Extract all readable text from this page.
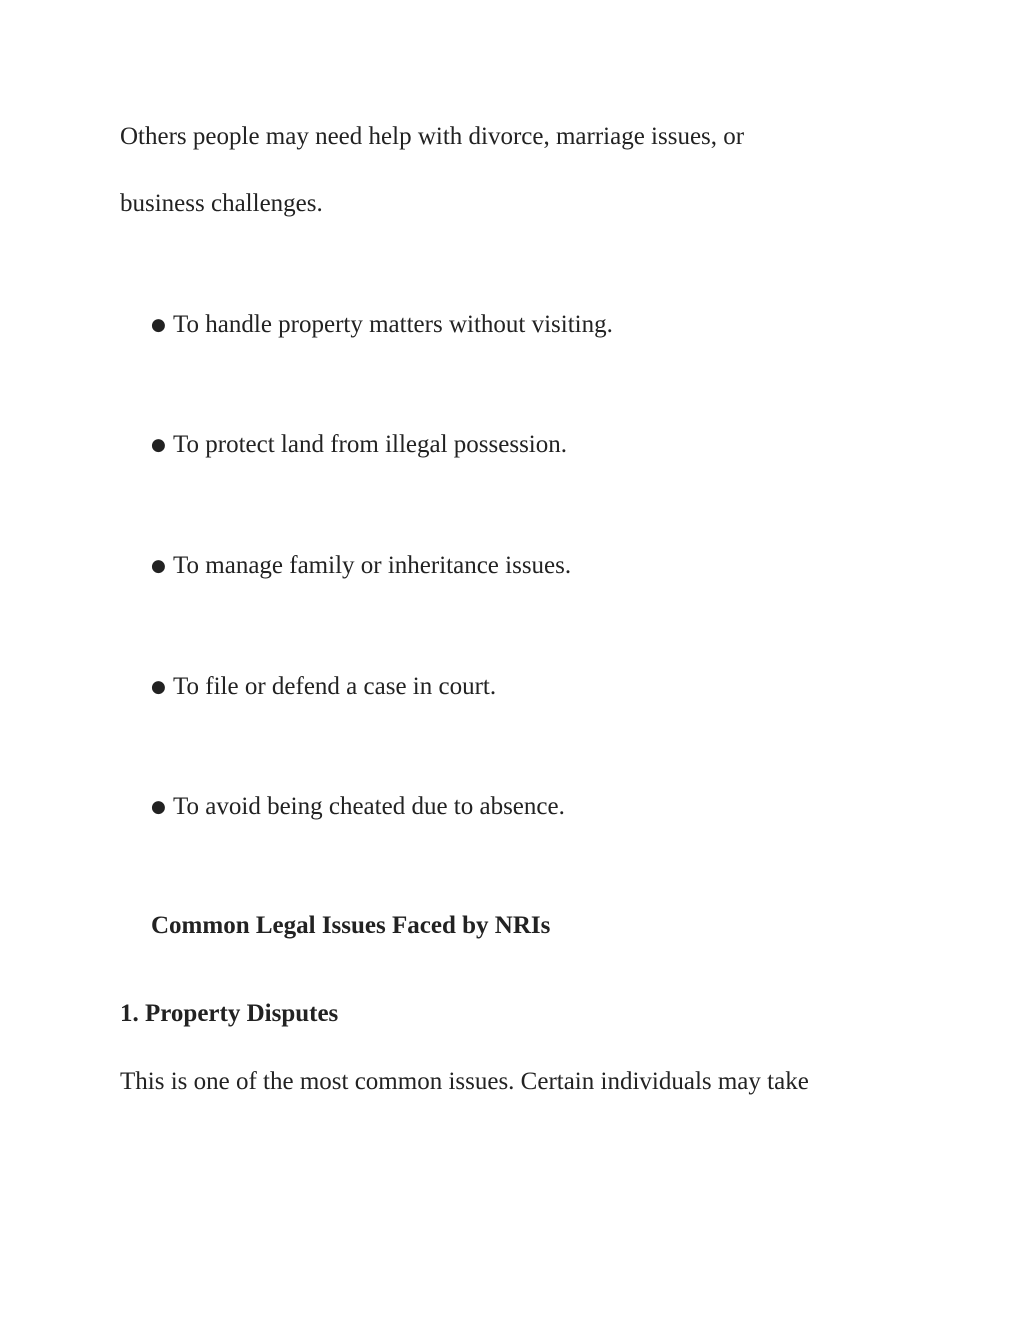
Others people may need help with divorce, marriage issues, or

business challenges.

● To handle property matters without visiting.
● To protect land from illegal possession.
● To manage family or inheritance issues.
● To file or defend a case in court.
● To avoid being cheated due to absence.
Common Legal Issues Faced by NRIs
1. Property Disputes

This is one of the most common issues. Certain individuals may take
